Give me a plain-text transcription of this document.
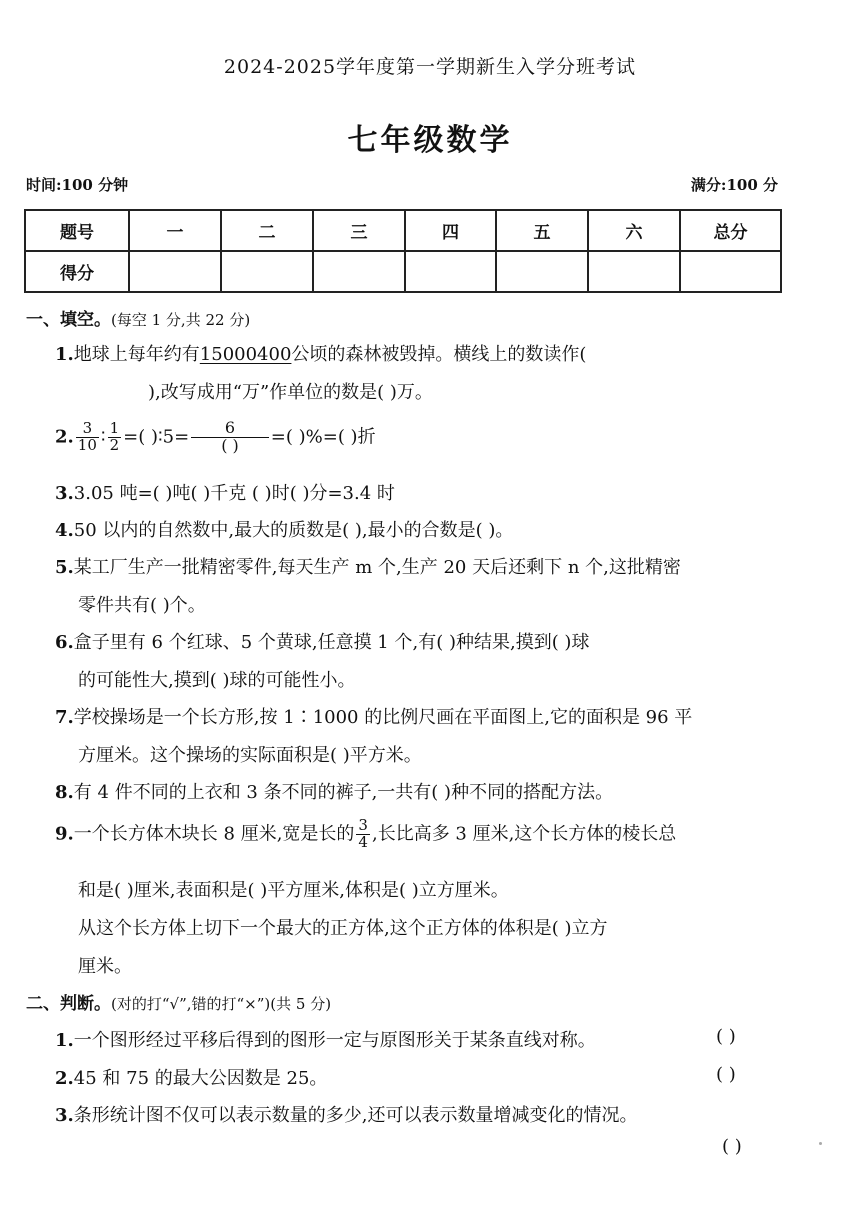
2024-2025学年度第一学期新生入学分班考试
七年级数学
时间:100 分钟	满分:100 分
题号	一	二	三	四	五	六	总分
得分							
一、填空。(每空 1 分,共 22 分)
1.地球上每年约有15000400公顷的森林被毁掉。横线上的数读作(
),改写成用“万”作单位的数是( )万。
2. $\frac{3}{10}$ ∶ $\frac{1}{2}$ =( )∶5= $\frac{6}{( )}$ =( )%=( )折
3.3.05 吨=( )吨( )千克 ( )时( )分=3.4 时
4.50 以内的自然数中,最大的质数是( ),最小的合数是( )。
5.某工厂生产一批精密零件,每天生产 m 个,生产 20 天后还剩下 n 个,这批精密
零件共有( )个。
6.盒子里有 6 个红球、5 个黄球,任意摸 1 个,有( )种结果,摸到( )球
的可能性大,摸到( )球的可能性小。
7.学校操场是一个长方形,按 1∶1000 的比例尺画在平面图上,它的面积是 96 平
方厘米。这个操场的实际面积是( )平方米。
8.有 4 件不同的上衣和 3 条不同的裤子,一共有( )种不同的搭配方法。
9.一个长方体木块长 8 厘米,宽是长的 $\frac{3}{4}$ ,长比高多 3 厘米,这个长方体的棱长总
和是( )厘米,表面积是( )平方厘米,体积是( )立方厘米。
从这个长方体上切下一个最大的正方体,这个正方体的体积是( )立方
厘米。
二、判断。(对的打“√”,错的打“×”)(共 5 分)
1.一个图形经过平移后得到的图形一定与原图形关于某条直线对称。	( )
2.45 和 75 的最大公因数是 25。	( )
3.条形统计图不仅可以表示数量的多少,还可以表示数量增减变化的情况。
( )
